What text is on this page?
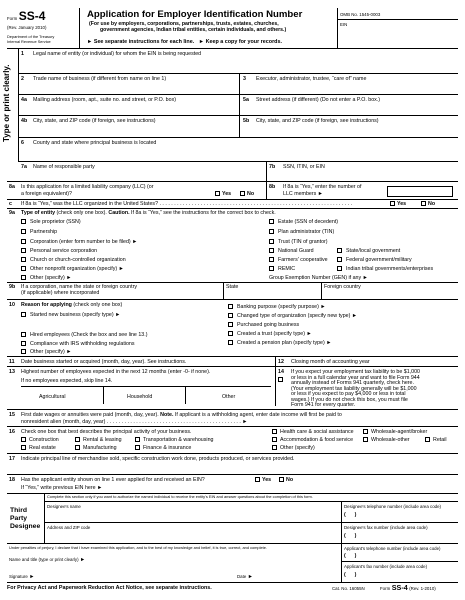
Form SS-4
(Rev. January 2010)
Department of the Treasury
Internal Revenue Service
Application for Employer Identification Number
(For use by employers, corporations, partnerships, trusts, estates, churches,
government agencies, Indian tribal entities, certain individuals, and others.)
► See separate instructions for each line. ► Keep a copy for your records.
OMB No. 1545-0003
EIN
Type or print clearly.
1 Legal name of entity (or individual) for whom the EIN is being requested
2 Trade name of business (if different from name on line 1)	3 Executor, administrator, trustee, “care of” name
4a Mailing address (room, apt., suite no. and street, or P.O. box)	5a Street address (if different) (Do not enter a P.O. box.)
4b City, state, and ZIP code (if foreign, see instructions)	5b City, state, and ZIP code (if foreign, see instructions)
6 County and state where principal business is located
7a Name of responsible party	7b SSN, ITIN, or EIN
8a Is this application for a limited liability company (LLC) (or
a foreign equivalent)?	Yes	No
8b If 8a is “Yes,” enter the number of
LLC members ►
c If 8a is “Yes,” was the LLC organized in the United States? . . . . . . . . . . . . . . . . . . . . . . . . . . . . . . . . . . . . . . . . . . . . . . . . . . . . . . . . . . . . . . . . . .	Yes	No
9a Type of entity (check only one box). Caution. If 8a is “Yes,” see the instructions for the correct box to check.
Sole proprietor (SSN)
Partnership
Corporation (enter form number to be filed) ►
Personal service corporation
Church or church-controlled organization
Other nonprofit organization (specify) ►
Other (specify) ►
Estate (SSN of decedent)
Plan administrator (TIN)
Trust (TIN of grantor)
National Guard	State/local government
Farmers' cooperative	Federal government/military
REMIC	Indian tribal governments/enterprises
Group Exemption Number (GEN) if any ►
9b If a corporation, name the state or foreign country
(if applicable) where incorporated
State	Foreign country
10 Reason for applying (check only one box)
Started new business (specify type) ►
Hired employees (Check the box and see line 13.)
Compliance with IRS withholding regulations
Other (specify) ►
Banking purpose (specify purpose) ►
Changed type of organization (specify new type) ►
Purchased going business
Created a trust (specify type) ►
Created a pension plan (specify type) ►
11 Date business started or acquired (month, day, year). See instructions.	12 Closing month of accounting year
13 Highest number of employees expected in the next 12 months (enter -0- if none).
If no employees expected, skip line 14.
Agricultural	Household	Other
14 If you expect your employment tax liability to be $1,000
or less in a full calendar year and want to file Form 944
annually instead of Forms 941 quarterly, check here.
(Your employment tax liability generally will be $1,000
or less if you expect to pay $4,000 or less in total
wages.) If you do not check this box, you must file
Form 941 for every quarter.
15 First date wages or annuities were paid (month, day, year). Note. If applicant is a withholding agent, enter date income will first be paid to
nonresident alien (month, day, year) . . . . . . . . . . . . . . . . . . . . . . . . . . . . . . . . . . . . . . . . . . . . . . ►
16 Check one box that best describes the principal activity of your business.	Health care & social assistance	Wholesale-agent/broker
Construction	Rental & leasing	Transportation & warehousing	Accommodation & food service	Wholesale-other	Retail
Real estate	Manufacturing	Finance & insurance	Other (specify)
17 Indicate principal line of merchandise sold, specific construction work done, products produced, or services provided.
18 Has the applicant entity shown on line 1 ever applied for and received an EIN?	Yes	No
If “Yes,” write previous EIN here ►
Third
Party
Designee
Complete this section only if you want to authorize the named individual to receive the entity's EIN and answer questions about the completion of this form.
Designee's name	Designee's telephone number (include area code)
(      )
Address and ZIP code	Designee's fax number (include area code)
(      )
Under penalties of perjury, I declare that I have examined this application, and to the best of my knowledge and belief, it is true, correct, and complete.	Applicant's telephone number (include area code)
(      )
Name and title (type or print clearly) ►
Applicant's fax number (include area code)
(      )
Signature ►	Date ►
For Privacy Act and Paperwork Reduction Act Notice, see separate instructions.	Cat. No. 16055N	Form SS-4 (Rev. 1-2010)
